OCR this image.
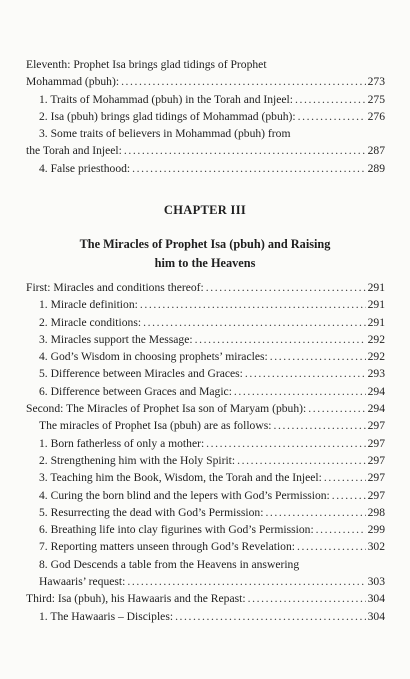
Eleventh: Prophet Isa brings glad tidings of Prophet
Mohammad (pbuh): .....	273
1. Traits of Mohammad (pbuh) in the Torah and Injeel: .....	275
2. Isa (pbuh) brings glad tidings of Mohammad (pbuh): .....	276
3. Some traits of believers in Mohammad (pbuh) from
the Torah and Injeel: .....	287
4. False priesthood: .....	289
CHAPTER III
The Miracles of Prophet Isa (pbuh) and Raising
him to the Heavens
First: Miracles and conditions thereof: .....	291
1. Miracle definition: .....	291
2. Miracle conditions: .....	291
3. Miracles support the Message: .....	292
4. God’s Wisdom in choosing prophets’ miracles: .....	292
5. Difference between Miracles and Graces: .....	293
6. Difference between Graces and Magic: .....	294
Second: The Miracles of Prophet Isa son of Maryam (pbuh): .....	294
The miracles of Prophet Isa (pbuh) are as follows: .....	297
1. Born fatherless of only a mother: .....	297
2. Strengthening him with the Holy Spirit: .....	297
3. Teaching him the Book, Wisdom, the Torah and the Injeel: .....	297
4. Curing the born blind and the lepers with God’s Permission: .....	297
5. Resurrecting the dead with God’s Permission: .....	298
6. Breathing life into clay figurines with God’s Permission: .....	299
7. Reporting matters unseen through God’s Revelation: .....	302
8. God Descends a table from the Heavens in answering
Hawaaris’ request: .....	303
Third: Isa (pbuh), his Hawaaris and the Repast: .....	304
1. The Hawaaris – Disciples: .....	304
